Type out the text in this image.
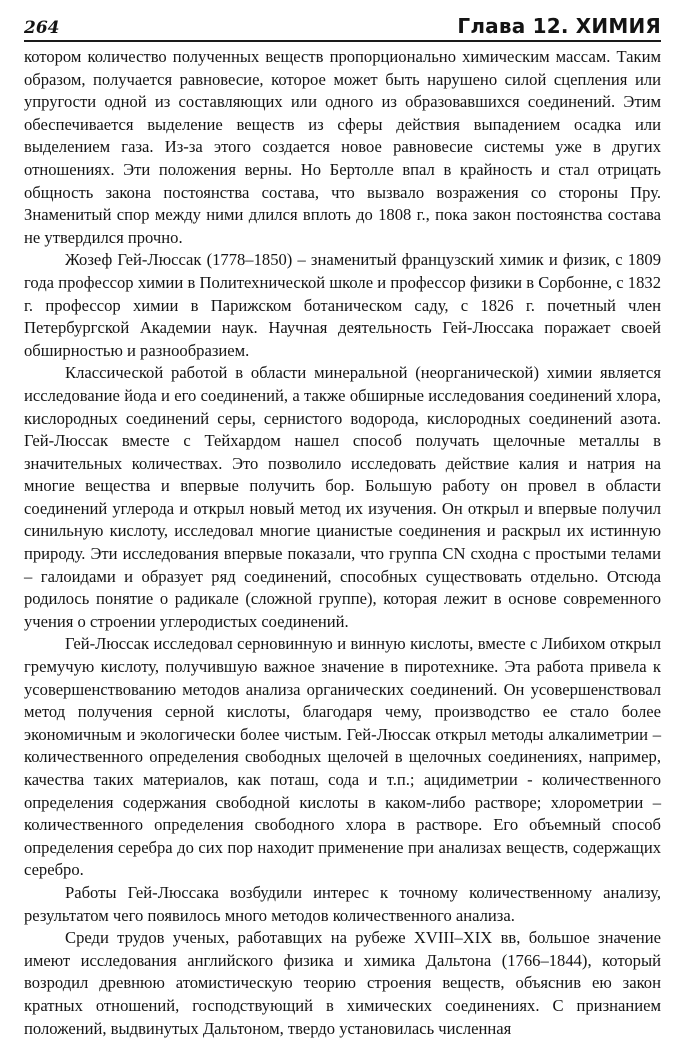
264	Глава 12. ХИМИЯ

котором количество полученных веществ пропорционально химическим массам. Таким образом, получается равновесие, которое может быть нарушено силой сцепления или упругости одной из составляющих или одного из образовавшихся соединений. Этим обеспечивается выделение веществ из сферы действия выпадением осадка или выделением газа. Из-за этого создается новое равновесие системы уже в других отношениях. Эти положения верны. Но Бертолле впал в крайность и стал отрицать общность закона постоянства состава, что вызвало возражения со стороны Пру. Знаменитый спор между ними длился вплоть до 1808 г., пока закон постоянства состава не утвердился прочно.

Жозеф Гей-Люссак (1778–1850) – знаменитый французский химик и физик, с 1809 года профессор химии в Политехнической школе и профессор физики в Сорбонне, с 1832 г. профессор химии в Парижском ботаническом саду, с 1826 г. почетный член Петербургской Академии наук. Научная деятельность Гей-Люссака поражает своей обширностью и разнообразием.

Классической работой в области минеральной (неорганической) химии является исследование йода и его соединений, а также обширные исследования соединений хлора, кислородных соединений серы, сернистого водорода, кислородных соединений азота. Гей-Люссак вместе с Тейхардом нашел способ получать щелочные металлы в значительных количествах. Это позволило исследовать действие калия и натрия на многие вещества и впервые получить бор. Большую работу он провел в области соединений углерода и открыл новый метод их изучения. Он открыл и впервые получил синильную кислоту, исследовал многие цианистые соединения и раскрыл их истинную природу. Эти исследования впервые показали, что группа CN сходна с простыми телами – галоидами и образует ряд соединений, способных существовать отдельно. Отсюда родилось понятие о радикале (сложной группе), которая лежит в основе современного учения о строении углеродистых соединений.

Гей-Люссак исследовал серновинную и винную кислоты, вместе с Либихом открыл гремучую кислоту, получившую важное значение в пиротехнике. Эта работа привела к усовершенствованию методов анализа органических соединений. Он усовершенствовал метод получения серной кислоты, благодаря чему, производство ее стало более экономичным и экологически более чистым. Гей-Люссак открыл методы алкалиметрии – количественного определения свободных щелочей в щелочных соединениях, например, качества таких материалов, как поташ, сода и т.п.; ацидиметрии - количественного определения содержания свободной кислоты в каком-либо растворе; хлорометрии – количественного определения свободного хлора в растворе. Его объемный способ определения серебра до сих пор находит применение при анализах веществ, содержащих серебро.

Работы Гей-Люссака возбудили интерес к точному количественному анализу, результатом чего появилось много методов количественного анализа.

Среди трудов ученых, работавщих на рубеже XVIII–XIX вв, большое значение имеют исследования английского физика и химика Дальтона (1766–1844), который возродил древнюю атомистическую теорию строения веществ, объяснив ею закон кратных отношений, господствующий в химических соединениях. С признанием положений, выдвинутых Дальтоном, твердо установилась численная
